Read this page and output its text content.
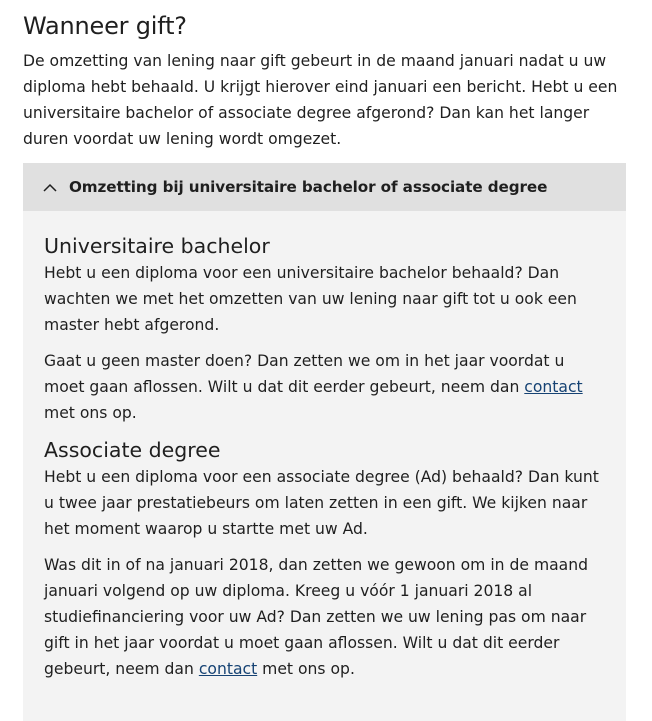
Wanneer gift?

De omzetting van lening naar gift gebeurt in de maand januari nadat u uw diploma hebt behaald. U krijgt hierover eind januari een bericht. Hebt u een universitaire bachelor of associate degree afgerond? Dan kan het langer duren voordat uw lening wordt omgezet.

Omzetting bij universitaire bachelor of associate degree
Universitaire bachelor

Hebt u een diploma voor een universitaire bachelor behaald? Dan wachten we met het omzetten van uw lening naar gift tot u ook een master hebt afgerond.

Gaat u geen master doen? Dan zetten we om in het jaar voordat u moet gaan aflossen. Wilt u dat dit eerder gebeurt, neem dan contact met ons op.

Associate degree

Hebt u een diploma voor een associate degree (Ad) behaald? Dan kunt u twee jaar prestatiebeurs om laten zetten in een gift. We kijken naar het moment waarop u startte met uw Ad.

Was dit in of na januari 2018, dan zetten we gewoon om in de maand januari volgend op uw diploma. Kreeg u vóór 1 januari 2018 al studiefinanciering voor uw Ad? Dan zetten we uw lening pas om naar gift in het jaar voordat u moet gaan aflossen. Wilt u dat dit eerder gebeurt, neem dan contact met ons op.
